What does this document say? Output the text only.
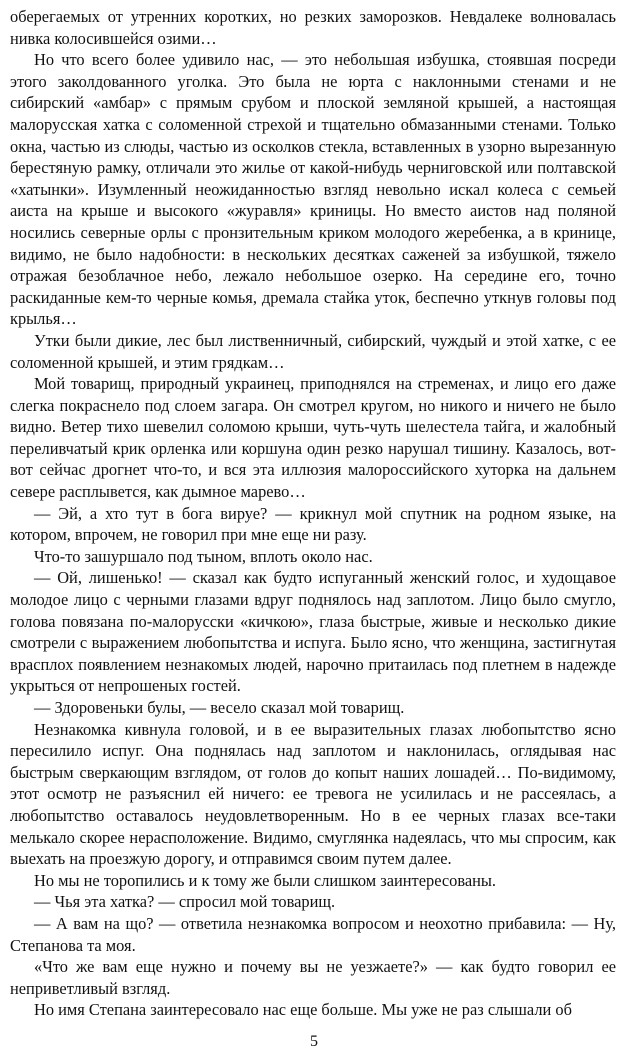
оберегаемых от утренних коротких, но резких заморозков. Невдалеке волновалась нивка колосившейся озими…

Но что всего более удивило нас, — это небольшая избушка, стоявшая посреди этого заколдованного уголка. Это была не юрта с наклонными стенами и не сибирский «амбар» с прямым срубом и плоской земляной крышей, а настоящая малорусская хатка с соломенной стрехой и тщательно обмазанными стенами. Только окна, частью из слюды, частью из осколков стекла, вставленных в узорно вырезанную берестяную рамку, отличали это жилье от какой-нибудь черниговской или полтавской «хатынки». Изумленный неожиданностью взгляд невольно искал колеса с семьей аиста на крыше и высокого «журавля» криницы. Но вместо аистов над поляной носились северные орлы с пронзительным криком молодого жеребенка, а в кринице, видимо, не было надобности: в нескольких десятках саженей за избушкой, тяжело отражая безоблачное небо, лежало небольшое озерко. На середине его, точно раскиданные кем-то черные комья, дремала стайка уток, беспечно уткнув головы под крылья…

Утки были дикие, лес был лиственничный, сибирский, чуждый и этой хатке, с ее соломенной крышей, и этим грядкам…

Мой товарищ, природный украинец, приподнялся на стременах, и лицо его даже слегка покраснело под слоем загара. Он смотрел кругом, но никого и ничего не было видно. Ветер тихо шевелил соломою крыши, чуть-чуть шелестела тайга, и жалобный переливчатый крик орленка или коршуна один резко нарушал тишину. Казалось, вот-вот сейчас дрогнет что-то, и вся эта иллюзия малороссийского хуторка на дальнем севере расплывется, как дымное марево…

— Эй, а хто тут в бога вируе? — крикнул мой спутник на родном языке, на котором, впрочем, не говорил при мне еще ни разу.

Что-то зашуршало под тыном, вплоть около нас.

— Ой, лишенько! — сказал как будто испуганный женский голос, и худощавое молодое лицо с черными глазами вдруг поднялось над заплотом. Лицо было смугло, голова повязана по-малорусски «кичкою», глаза быстрые, живые и несколько дикие смотрели с выражением любопытства и испуга. Было ясно, что женщина, застигнутая врасплох появлением незнакомых людей, нарочно притаилась под плетнем в надежде укрыться от непрошеных гостей.

— Здоровеньки булы, — весело сказал мой товарищ.

Незнакомка кивнула головой, и в ее выразительных глазах любопытство ясно пересилило испуг. Она поднялась над заплотом и наклонилась, оглядывая нас быстрым сверкающим взглядом, от голов до копыт наших лошадей… По-видимому, этот осмотр не разъяснил ей ничего: ее тревога не усилилась и не рассеялась, а любопытство оставалось неудовлетворенным. Но в ее черных глазах все-таки мелькало скорее нерасположение. Видимо, смуглянка надеялась, что мы спросим, как выехать на проезжую дорогу, и отправимся своим путем далее.

Но мы не торопились и к тому же были слишком заинтересованы.

— Чья эта хатка? — спросил мой товарищ.

— А вам на що? — ответила незнакомка вопросом и неохотно прибавила: — Ну, Степанова та моя.

«Что же вам еще нужно и почему вы не уезжаете?» — как будто говорил ее неприветливый взгляд.

Но имя Степана заинтересовало нас еще больше. Мы уже не раз слышали об

5
